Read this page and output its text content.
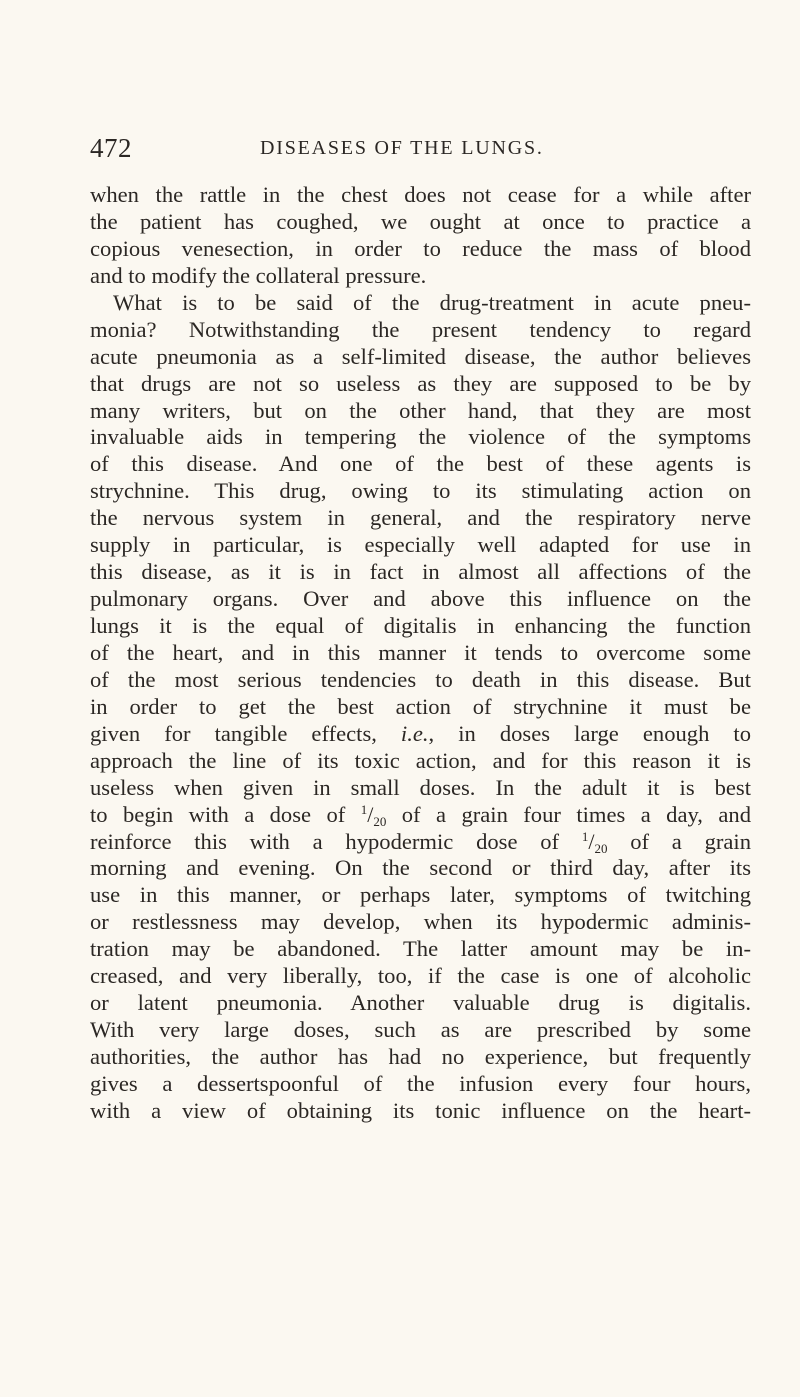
472	DISEASES OF THE LUNGS.
when the rattle in the chest does not cease for a while after
the patient has coughed, we ought at once to practice a
copious venesection, in order to reduce the mass of blood
and to modify the collateral pressure.
What is to be said of the drug-treatment in acute pneu-
monia? Notwithstanding the present tendency to regard
acute pneumonia as a self-limited disease, the author believes
that drugs are not so useless as they are supposed to be by
many writers, but on the other hand, that they are most
invaluable aids in tempering the violence of the symptoms
of this disease. And one of the best of these agents is
strychnine. This drug, owing to its stimulating action on
the nervous system in general, and the respiratory nerve
supply in particular, is especially well adapted for use in
this disease, as it is in fact in almost all affections of the
pulmonary organs. Over and above this influence on the
lungs it is the equal of digitalis in enhancing the function
of the heart, and in this manner it tends to overcome some
of the most serious tendencies to death in this disease. But
in order to get the best action of strychnine it must be
given for tangible effects, i.e., in doses large enough to
approach the line of its toxic action, and for this reason it is
useless when given in small doses. In the adult it is best
to begin with a dose of $^1/_{20}$ of a grain four times a day, and
reinforce this with a hypodermic dose of $^1/_{20}$ of a grain
morning and evening. On the second or third day, after its
use in this manner, or perhaps later, symptoms of twitching
or restlessness may develop, when its hypodermic adminis-
tration may be abandoned. The latter amount may be in-
creased, and very liberally, too, if the case is one of alcoholic
or latent pneumonia. Another valuable drug is digitalis.
With very large doses, such as are prescribed by some
authorities, the author has had no experience, but frequently
gives a dessertspoonful of the infusion every four hours,
with a view of obtaining its tonic influence on the heart-
